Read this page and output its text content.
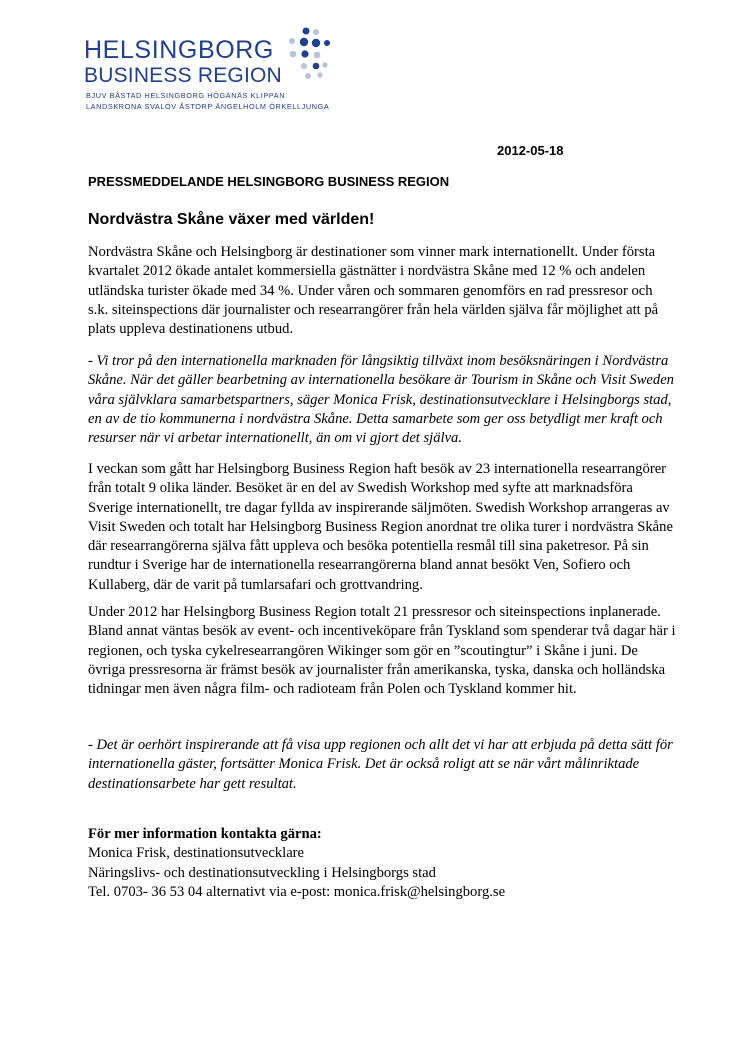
HELSINGBORG
BUSINESS REGION
BJUV BÅSTAD HELSINGBORG HÖGANÄS KLIPPAN
LANDSKRONA SVALÖV ÅSTORP ÄNGELHOLM ÖRKELLJUNGA
2012-05-18
PRESSMEDDELANDE HELSINGBORG BUSINESS REGION
Nordvästra Skåne växer med världen!

Nordvästra Skåne och Helsingborg är destinationer som vinner mark internationellt. Under första kvartalet 2012 ökade antalet kommersiella gästnätter i nordvästra Skåne med 12 % och andelen utländska turister ökade med 34 %. Under våren och sommaren genomförs en rad pressresor och s.k. siteinspections där journalister och researrangörer från hela världen själva får möjlighet att på plats uppleva destinationens utbud.

- Vi tror på den internationella marknaden för långsiktig tillväxt inom besöksnäringen i Nordvästra Skåne. När det gäller bearbetning av internationella besökare är Tourism in Skåne och Visit Sweden våra självklara samarbetspartners, säger Monica Frisk, destinationsutvecklare i Helsingborgs stad, en av de tio kommunerna i nordvästra Skåne. Detta samarbete som ger oss betydligt mer kraft och resurser när vi arbetar internationellt, än om vi gjort det själva.

I veckan som gått har Helsingborg Business Region haft besök av 23 internationella researrangörer från totalt 9 olika länder. Besöket är en del av Swedish Workshop med syfte att marknadsföra Sverige internationellt, tre dagar fyllda av inspirerande säljmöten. Swedish Workshop arrangeras av Visit Sweden och totalt har Helsingborg Business Region anordnat tre olika turer i nordvästra Skåne där researrangörerna själva fått uppleva och besöka potentiella resmål till sina paketresor. På sin rundtur i Sverige har de internationella researrangörerna bland annat besökt Ven, Sofiero och Kullaberg, där de varit på tumlarsafari och grottvandring.

Under 2012 har Helsingborg Business Region totalt 21 pressresor och siteinspections inplanerade. Bland annat väntas besök av event- och incentiveköpare från Tyskland som spenderar två dagar här i regionen, och tyska cykelresearrangören Wikinger som gör en ”scoutingtur” i Skåne i juni. De övriga pressresorna är främst besök av journalister från amerikanska, tyska, danska och holländska tidningar men även några film- och radioteam från Polen och Tyskland kommer hit.

- Det är oerhört inspirerande att få visa upp regionen och allt det vi har att erbjuda på detta sätt för internationella gäster, fortsätter Monica Frisk. Det är också roligt att se när vårt målinriktade destinationsarbete har gett resultat.

För mer information kontakta gärna:
Monica Frisk, destinationsutvecklare
Näringslivs- och destinationsutveckling i Helsingborgs stad
Tel. 0703- 36 53 04 alternativt via e-post: monica.frisk@helsingborg.se
